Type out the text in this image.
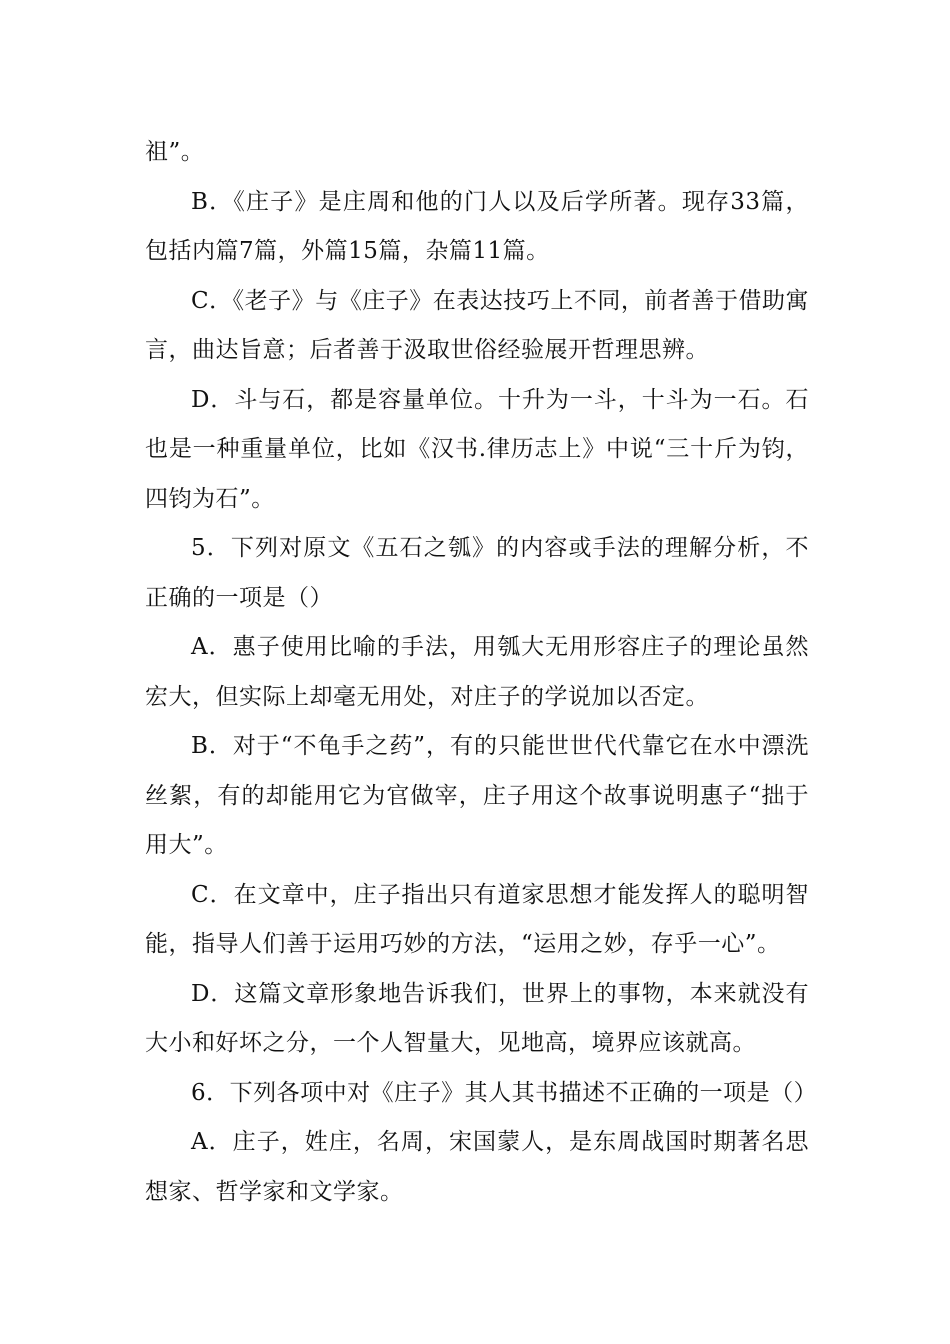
祖”。

B．《庄子》是庄周和他的门人以及后学所著。现存33篇，包括内篇7篇，外篇15篇，杂篇11篇。

C．《老子》与《庄子》在表达技巧上不同，前者善于借助寓言，曲达旨意；后者善于汲取世俗经验展开哲理思辨。

D．斗与石，都是容量单位。十升为一斗，十斗为一石。石也是一种重量单位，比如《汉书.律历志上》中说“三十斤为钧，四钧为石”。

5．下列对原文《五石之瓠》的内容或手法的理解分析，不正确的一项是（）

A．惠子使用比喻的手法，用瓠大无用形容庄子的理论虽然宏大，但实际上却毫无用处，对庄子的学说加以否定。

B．对于“不龟手之药”，有的只能世世代代靠它在水中漂洗丝絮，有的却能用它为官做宰，庄子用这个故事说明惠子“拙于用大”。

C．在文章中，庄子指出只有道家思想才能发挥人的聪明智能，指导人们善于运用巧妙的方法，“运用之妙，存乎一心”。

D．这篇文章形象地告诉我们，世界上的事物，本来就没有大小和好坏之分，一个人智量大，见地高，境界应该就高。

6．下列各项中对《庄子》其人其书描述不正确的一项是（）

A．庄子，姓庄，名周，宋国蒙人，是东周战国时期著名思想家、哲学家和文学家。
